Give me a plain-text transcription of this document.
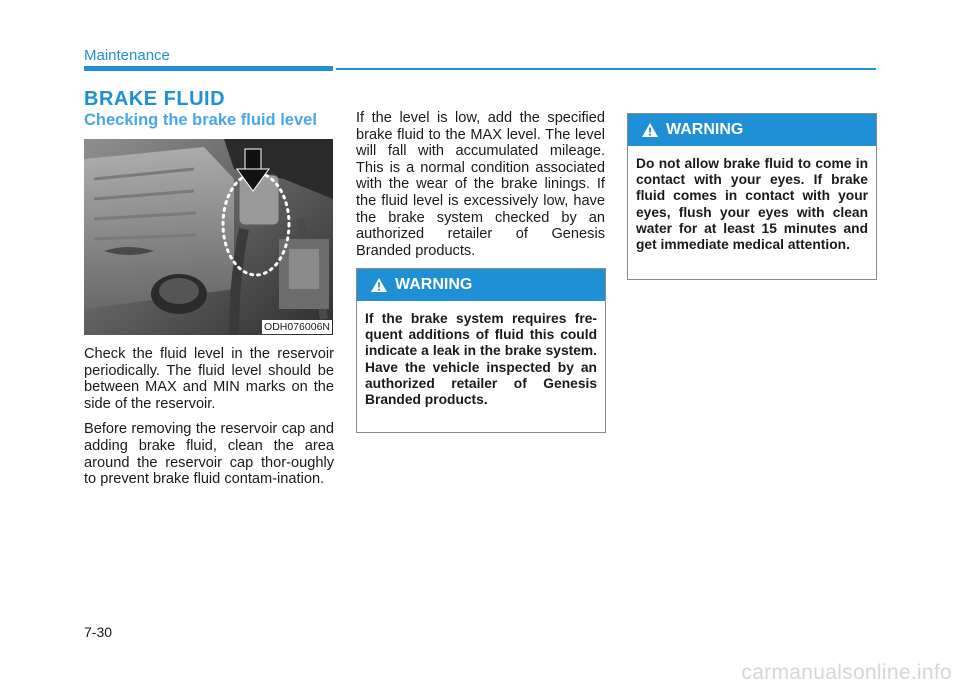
Maintenance
BRAKE FLUID
Checking the brake fluid level
ODH076006N

Check the fluid level in the reservoir periodically. The fluid level should be between MAX and MIN marks on the side of the reservoir.

Before removing the reservoir cap and adding brake fluid, clean the area around the reservoir cap thor-oughly to prevent brake fluid contam-ination.

If the level is low, add the specified brake fluid to the MAX level. The level will fall with accumulated mileage. This is a normal condition associated with the wear of the brake linings. If the fluid level is excessively low, have the brake system checked by an authorized retailer of Genesis Branded products.

WARNING
If the brake system requires fre-quent additions of fluid this could indicate a leak in the brake system. Have the vehicle inspected by an authorized retailer of Genesis Branded products.
WARNING
Do not allow brake fluid to come in contact with your eyes. If brake fluid comes in contact with your eyes, flush your eyes with clean water for at least 15 minutes and get immediate medical attention.
7-30
carmanualsonline.info
